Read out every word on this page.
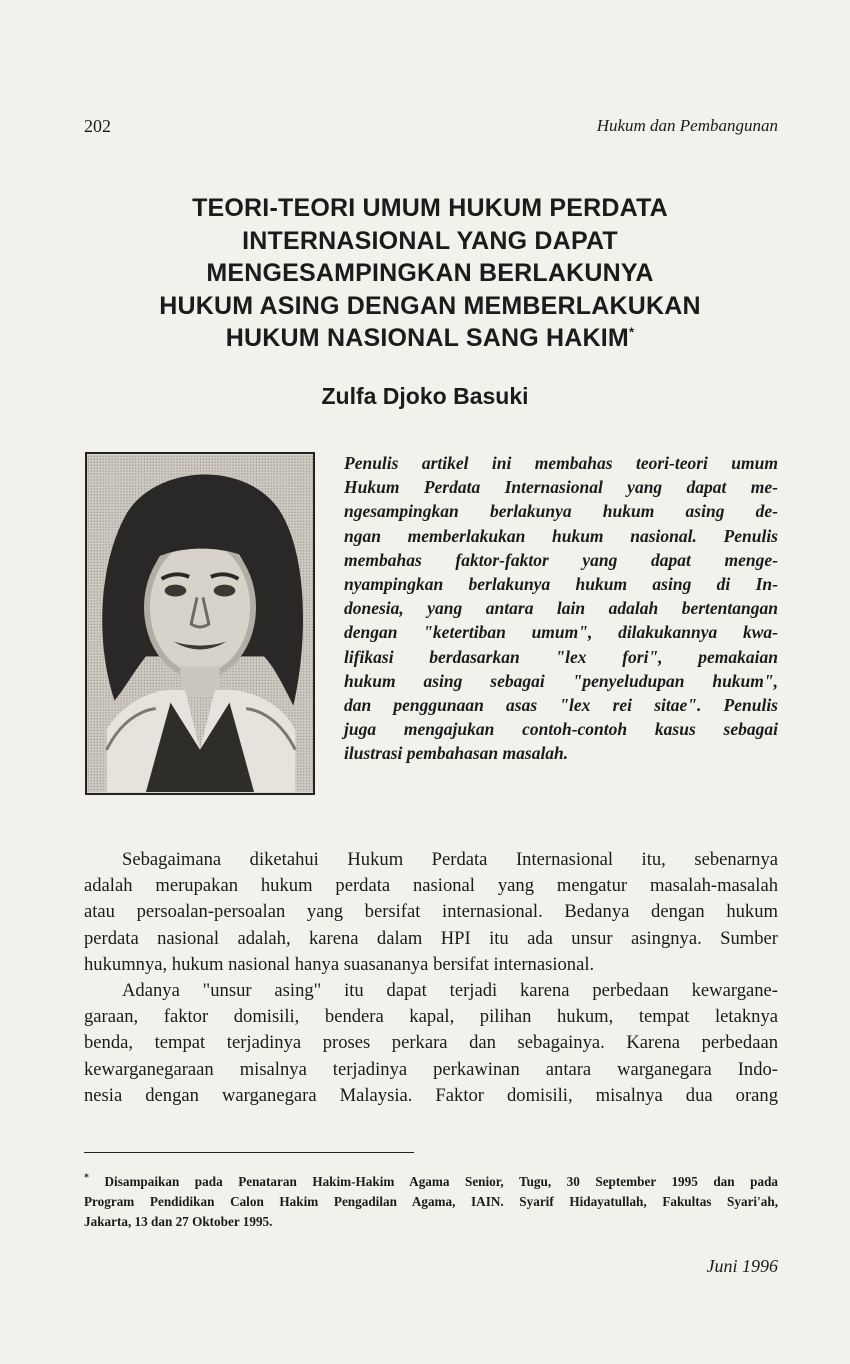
202	Hukum dan Pembangunan
TEORI-TEORI UMUM HUKUM PERDATA
INTERNASIONAL YANG DAPAT
MENGESAMPINGKAN BERLAKUNYA
HUKUM ASING DENGAN MEMBERLAKUKAN
HUKUM NASIONAL SANG HAKIM*
Zulfa Djoko Basuki
Penulis artikel ini membahas teori-teori umum
Hukum Perdata Internasional yang dapat me-
ngesampingkan berlakunya hukum asing de-
ngan memberlakukan hukum nasional. Penulis
membahas faktor-faktor yang dapat menge-
nyampingkan berlakunya hukum asing di In-
donesia, yang antara lain adalah bertentangan
dengan "ketertiban umum", dilakukannya kwa-
lifikasi berdasarkan "lex fori", pemakaian
hukum asing sebagai "penyeludupan hukum",
dan penggunaan asas "lex rei sitae". Penulis
juga mengajukan contoh-contoh kasus sebagai
ilustrasi pembahasan masalah.
Sebagaimana diketahui Hukum Perdata Internasional itu, sebenarnya
adalah merupakan hukum perdata nasional yang mengatur masalah-masalah
atau persoalan-persoalan yang bersifat internasional. Bedanya dengan hukum
perdata nasional adalah, karena dalam HPI itu ada unsur asingnya. Sumber
hukumnya, hukum nasional hanya suasananya bersifat internasional.
Adanya "unsur asing" itu dapat terjadi karena perbedaan kewargane-
garaan, faktor domisili, bendera kapal, pilihan hukum, tempat letaknya
benda, tempat terjadinya proses perkara dan sebagainya. Karena perbedaan
kewarganegaraan misalnya terjadinya perkawinan antara warganegara Indo-
nesia dengan warganegara Malaysia. Faktor domisili, misalnya dua orang
* Disampaikan pada Penataran Hakim-Hakim Agama Senior, Tugu, 30 September 1995 dan pada
Program Pendidikan Calon Hakim Pengadilan Agama, IAIN. Syarif Hidayatullah, Fakultas Syari'ah,
Jakarta, 13 dan 27 Oktober 1995.
Juni 1996
